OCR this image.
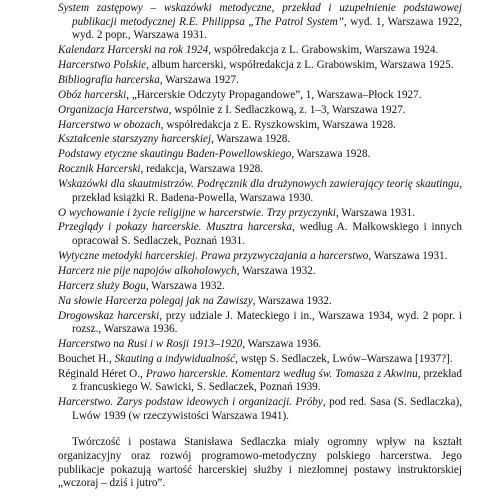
System zastępowy – wskazówki metodyczne, przekład i uzupełnienie podstawowej publikacji metodycznej R.E. Philippsa „The Patrol System”, wyd. 1, Warszawa 1922, wyd. 2 popr., Warszawa 1931.
Kalendarz Harcerski na rok 1924, współredakcja z L. Grabowskim, Warszawa 1924.
Harcerstwo Polskie, album harcerski, współredakcja z L. Grabowskim, Warszawa 1925.
Bibliografia harcerska, Warszawa 1927.
Obóz harcerski, „Harcerskie Odczyty Propagandowe”, 1, Warszawa–Płock 1927.
Organizacja Harcerstwa, wspólnie z I. Sedlaczkową, z. 1–3, Warszawa 1927.
Harcerstwo w obozach, współredakcja z E. Ryszkowskim, Warszawa 1928.
Kształcenie starszyzny harcerskiej, Warszawa 1928.
Podstawy etyczne skautingu Baden-Powellowskiego, Warszawa 1928.
Rocznik Harcerski, redakcja, Warszawa 1928.
Wskazówki dla skautmistrzów. Podręcznik dla drużynowych zawierający teorię skautingu, przekład książki R. Badena-Powella, Warszawa 1930.
O wychowanie i życie religijne w harcerstwie. Trzy przyczynki, Warszawa 1931.
Przeglądy i pokazy harcerskie. Musztra harcerska, według A. Małkowskiego i innych opracował S. Sedlaczek, Poznań 1931.
Wytyczne metodyki harcerskiej. Prawa przyzwyczajania a harcerstwo, Warszawa 1931.
Harcerz nie pije napojów alkoholowych, Warszawa 1932.
Harcerz służy Bogu, Warszawa 1932.
Na słowie Harcerza polegaj jak na Zawiszy, Warszawa 1932.
Drogowskaz harcerski, przy udziale J. Mateckiego i in., Warszawa 1934, wyd. 2 popr. i rozsz., Warszawa 1936.
Harcerstwo na Rusi i w Rosji 1913–1920, Warszawa 1936.
Bouchet H., Skauting a indywidualność, wstęp S. Sedlaczek, Lwów–Warszawa [1937?].
Réginald Héret O., Prawo harcerskie. Komentarz według św. Tomasza z Akwinu, przekład z francuskiego W. Sawicki, S. Sedlaczek, Poznań 1939.
Harcerstwo. Zarys podstaw ideowych i organizacji. Próby, pod red. Sasa (S. Sedlaczka), Lwów 1939 (w rzeczywistości Warszawa 1941).

Twórczość i postawa Stanisława Sedlaczka miały ogromny wpływ na kształt organizacyjny oraz rozwój programowo-metodyczny polskiego harcerstwa. Jego publikacje pokazują wartość harcerskiej służby i niezłomnej postawy instruktorskiej „wczoraj – dziś i jutro”.
